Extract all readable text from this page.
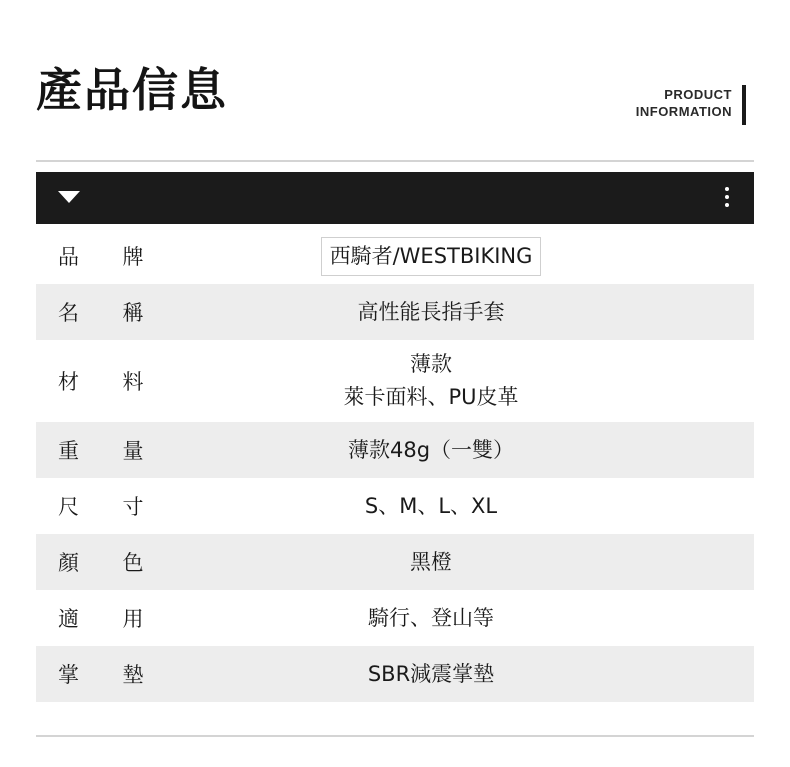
產品信息	PRODUCT
INFORMATION
品 牌	西騎者/WESTBIKING
名 稱	高性能長指手套
材 料	薄款
萊卡面料、PU皮革

重 量	薄款48g（一雙）
尺 寸	S、M、L、XL
顏 色	黑橙
適 用	騎行、登山等
掌 墊	SBR減震掌墊
